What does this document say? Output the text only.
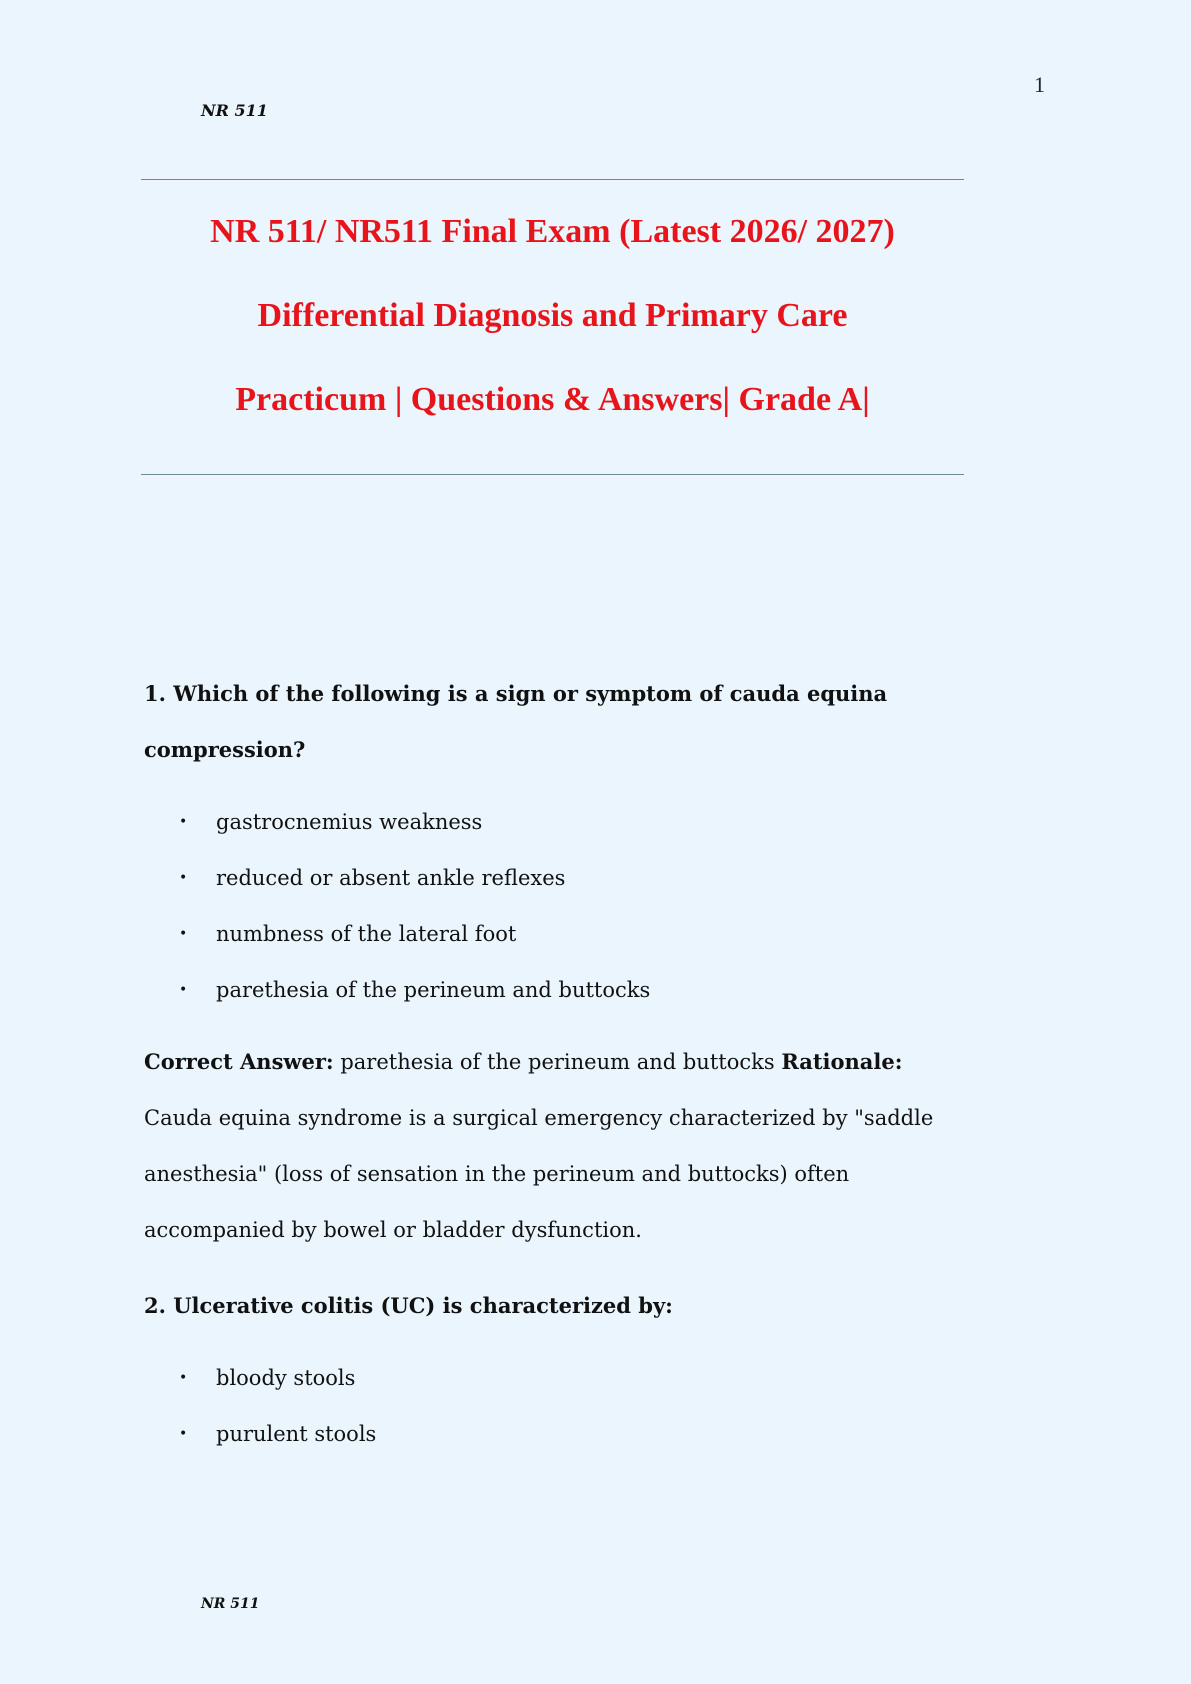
1
NR 511
NR 511/ NR511 Final Exam (Latest 2026/ 2027)
Differential Diagnosis and Primary Care
Practicum | Questions & Answers| Grade A|

1. Which of the following is a sign or symptom of cauda equina
compression?

• gastrocnemius weakness
• reduced or absent ankle reflexes
• numbness of the lateral foot
• parethesia of the perineum and buttocks

Correct Answer: parethesia of the perineum and buttocks Rationale:
Cauda equina syndrome is a surgical emergency characterized by "saddle
anesthesia" (loss of sensation in the perineum and buttocks) often
accompanied by bowel or bladder dysfunction.

2. Ulcerative colitis (UC) is characterized by:

• bloody stools
• purulent stools
NR 511
